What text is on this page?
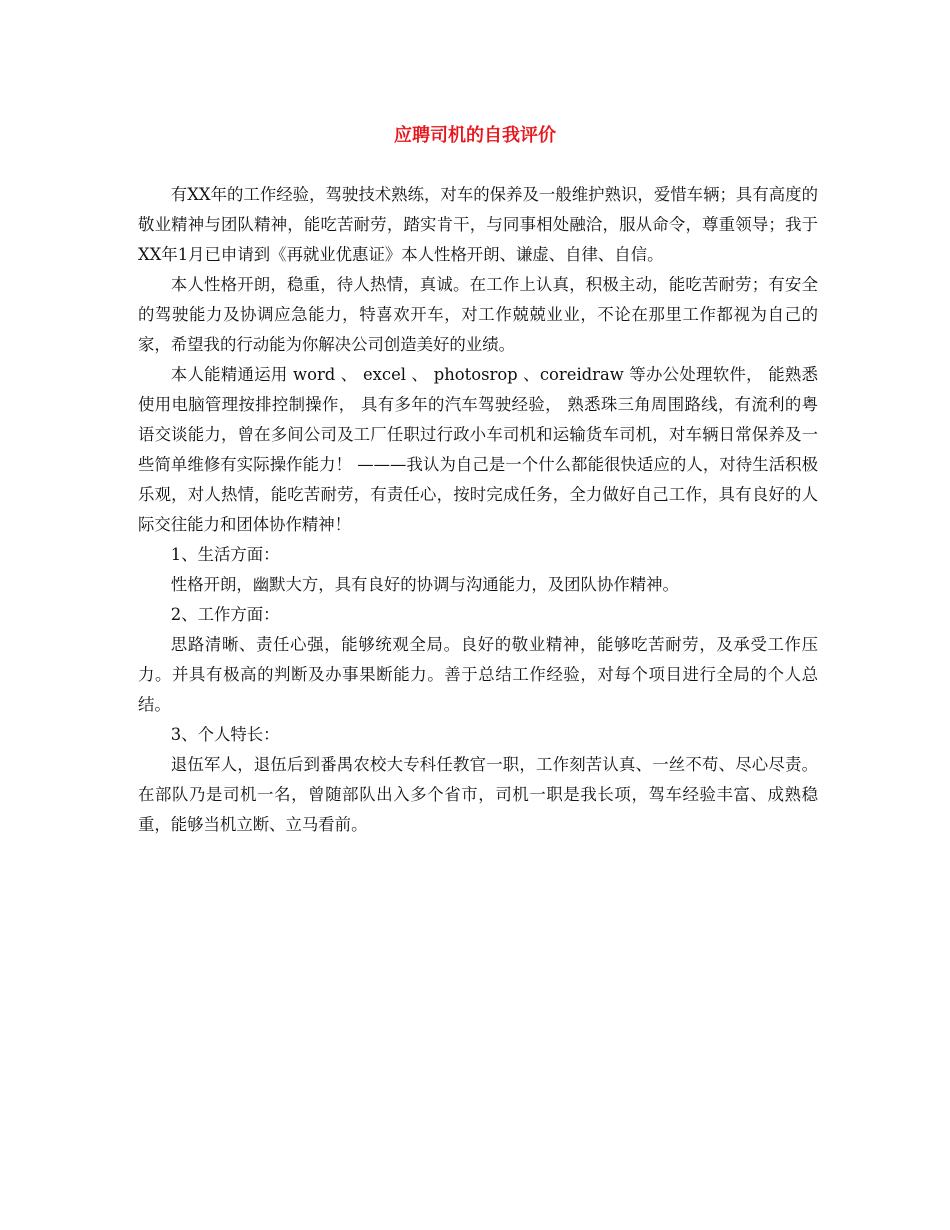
应聘司机的自我评价

有XX年的工作经验，驾驶技术熟练，对车的保养及一般维护熟识，爱惜车辆；具有高度的敬业精神与团队精神，能吃苦耐劳，踏实肯干，与同事相处融洽，服从命令，尊重领导；我于XX年1月已申请到《再就业优惠证》本人性格开朗、谦虚、自律、自信。

本人性格开朗，稳重，待人热情，真诚。在工作上认真，积极主动，能吃苦耐劳；有安全的驾驶能力及协调应急能力，特喜欢开车，对工作兢兢业业，不论在那里工作都视为自己的家，希望我的行动能为你解决公司创造美好的业绩。

本人能精通运用 word 、 excel 、 photosrop 、coreidraw 等办公处理软件， 能熟悉使用电脑管理按排控制操作， 具有多年的汽车驾驶经验， 熟悉珠三角周围路线，有流利的粤语交谈能力，曾在多间公司及工厂任职过行政小车司机和运输货车司机，对车辆日常保养及一些简单维修有实际操作能力！ ———我认为自己是一个什么都能很快适应的人，对待生活积极乐观，对人热情，能吃苦耐劳，有责任心，按时完成任务，全力做好自己工作，具有良好的人际交往能力和团体协作精神！

1、生活方面：

性格开朗，幽默大方，具有良好的协调与沟通能力，及团队协作精神。

2、工作方面：

思路清晰、责任心强，能够统观全局。良好的敬业精神，能够吃苦耐劳，及承受工作压力。并具有极高的判断及办事果断能力。善于总结工作经验，对每个项目进行全局的个人总结。

3、个人特长：

退伍军人，退伍后到番禺农校大专科任教官一职，工作刻苦认真、一丝不苟、尽心尽责。在部队乃是司机一名，曾随部队出入多个省市，司机一职是我长项，驾车经验丰富、成熟稳重，能够当机立断、立马看前。
